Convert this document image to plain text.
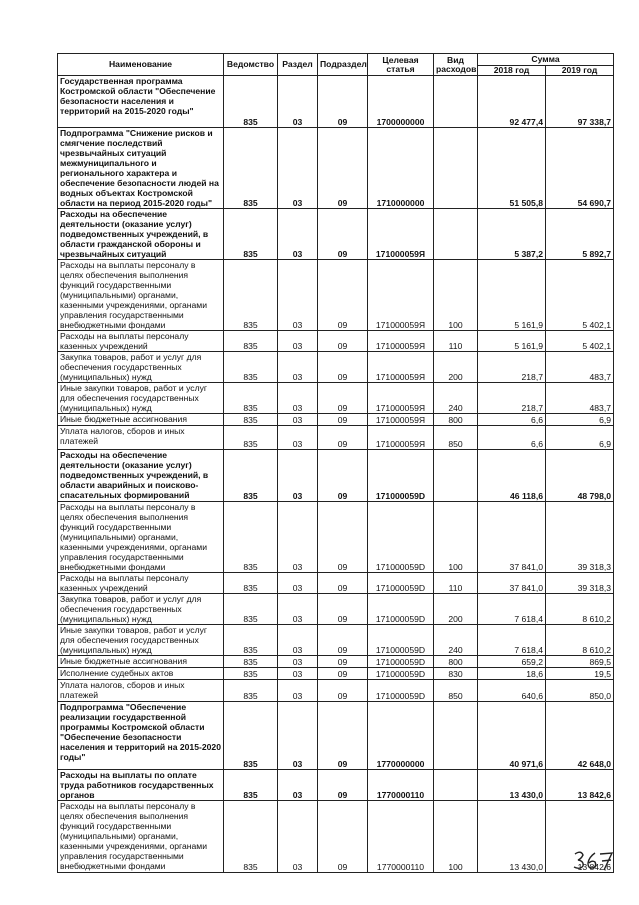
Наименование	Ведомство	Раздел	Подраздел	Целевая статья	Вид расходов	Сумма	
						2018 год	2019 год
Государственная программа Костромской области "Обеспечение безопасности населения и территорий на 2015-2020 годы"	835	03	09	1700000000		92 477,4	97 338,7
Подпрограмма "Снижение рисков и смягчение последствий чрезвычайных ситуаций межмуниципального и регионального характера и обеспечение безопасности людей на водных объектах Костромской области на период 2015-2020 годы"	835	03	09	1710000000		51 505,8	54 690,7
Расходы на обеспечение деятельности (оказание услуг) подведомственных учреждений, в области гражданской обороны и чрезвычайных ситуаций	835	03	09	171000059Я		5 387,2	5 892,7
Расходы на выплаты персоналу в целях обеспечения выполнения функций государственными (муниципальными) органами, казенными учреждениями, органами управления государственными внебюджетными фондами	835	03	09	171000059Я	100	5 161,9	5 402,1
Расходы на выплаты персоналу казенных учреждений	835	03	09	171000059Я	110	5 161,9	5 402,1
Закупка товаров, работ и услуг для обеспечения государственных (муниципальных) нужд	835	03	09	171000059Я	200	218,7	483,7
Иные закупки товаров, работ и услуг для обеспечения государственных (муниципальных) нужд	835	03	09	171000059Я	240	218,7	483,7
Иные бюджетные ассигнования	835	03	09	171000059Я	800	6,6	6,9
Уплата налогов, сборов и иных платежей	835	03	09	171000059Я	850	6,6	6,9
Расходы на обеспечение деятельности (оказание услуг) подведомственных учреждений, в области аварийных и поисково-спасательных формирований	835	03	09	171000059D		46 118,6	48 798,0
Расходы на выплаты персоналу в целях обеспечения выполнения функций государственными (муниципальными) органами, казенными учреждениями, органами управления государственными внебюджетными фондами	835	03	09	171000059D	100	37 841,0	39 318,3
Расходы на выплаты персоналу казенных учреждений	835	03	09	171000059D	110	37 841,0	39 318,3
Закупка товаров, работ и услуг для обеспечения государственных (муниципальных) нужд	835	03	09	171000059D	200	7 618,4	8 610,2
Иные закупки товаров, работ и услуг для обеспечения государственных (муниципальных) нужд	835	03	09	171000059D	240	7 618,4	8 610,2
Иные бюджетные ассигнования	835	03	09	171000059D	800	659,2	869,5
Исполнение судебных актов	835	03	09	171000059D	830	18,6	19,5
Уплата налогов, сборов и иных платежей	835	03	09	171000059D	850	640,6	850,0
Подпрограмма "Обеспечение реализации государственной программы Костромской области "Обеспечение безопасности населения и территорий на 2015-2020 годы"	835	03	09	1770000000		40 971,6	42 648,0
Расходы на выплаты по оплате труда работников государственных органов	835	03	09	1770000110		13 430,0	13 842,6
Расходы на выплаты персоналу в целях обеспечения выполнения функций государственными (муниципальными) органами, казенными учреждениями, органами управления государственными внебюджетными фондами	835	03	09	1770000110	100	13 430,0	13 842,6
